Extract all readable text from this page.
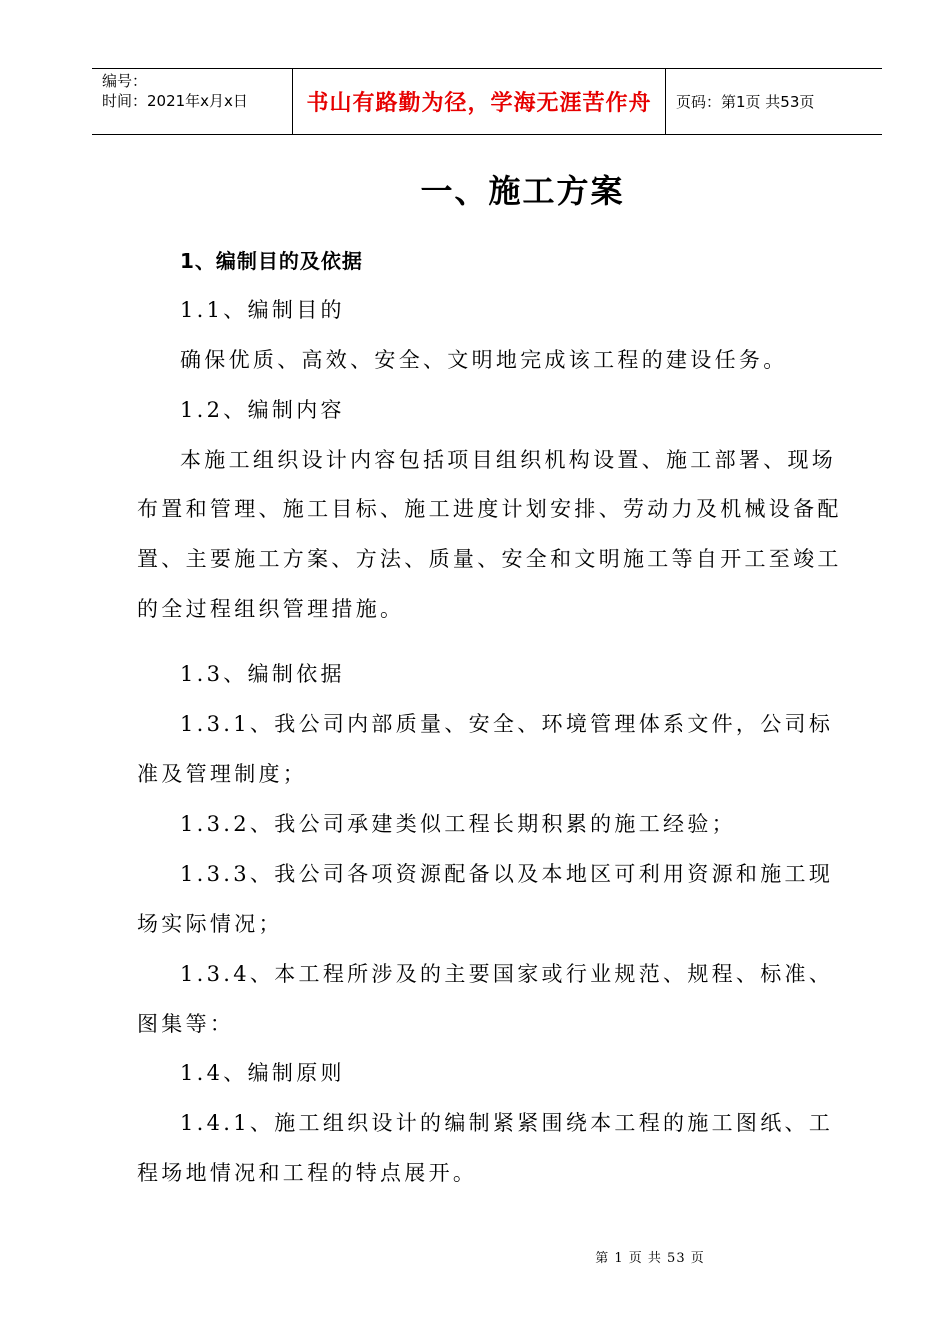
编号：
时间：2021年x月x日	书山有路勤为径，学海无涯苦作舟	页码：第1页 共53页
一、施工方案
1、编制目的及依据
1.1、编制目的
确保优质、高效、安全、文明地完成该工程的建设任务。
1.2、编制内容
本施工组织设计内容包括项目组织机构设置、施工部署、现场
布置和管理、施工目标、施工进度计划安排、劳动力及机械设备配
置、主要施工方案、方法、质量、安全和文明施工等自开工至竣工
的全过程组织管理措施。
1.3、编制依据
1.3.1、我公司内部质量、安全、环境管理体系文件，公司标
准及管理制度；
1.3.2、我公司承建类似工程长期积累的施工经验；
1.3.3、我公司各项资源配备以及本地区可利用资源和施工现
场实际情况；
1.3.4、本工程所涉及的主要国家或行业规范、规程、标准、
图集等：
1.4、编制原则
1.4.1、施工组织设计的编制紧紧围绕本工程的施工图纸、工
程场地情况和工程的特点展开。
第 1 页 共 53 页
